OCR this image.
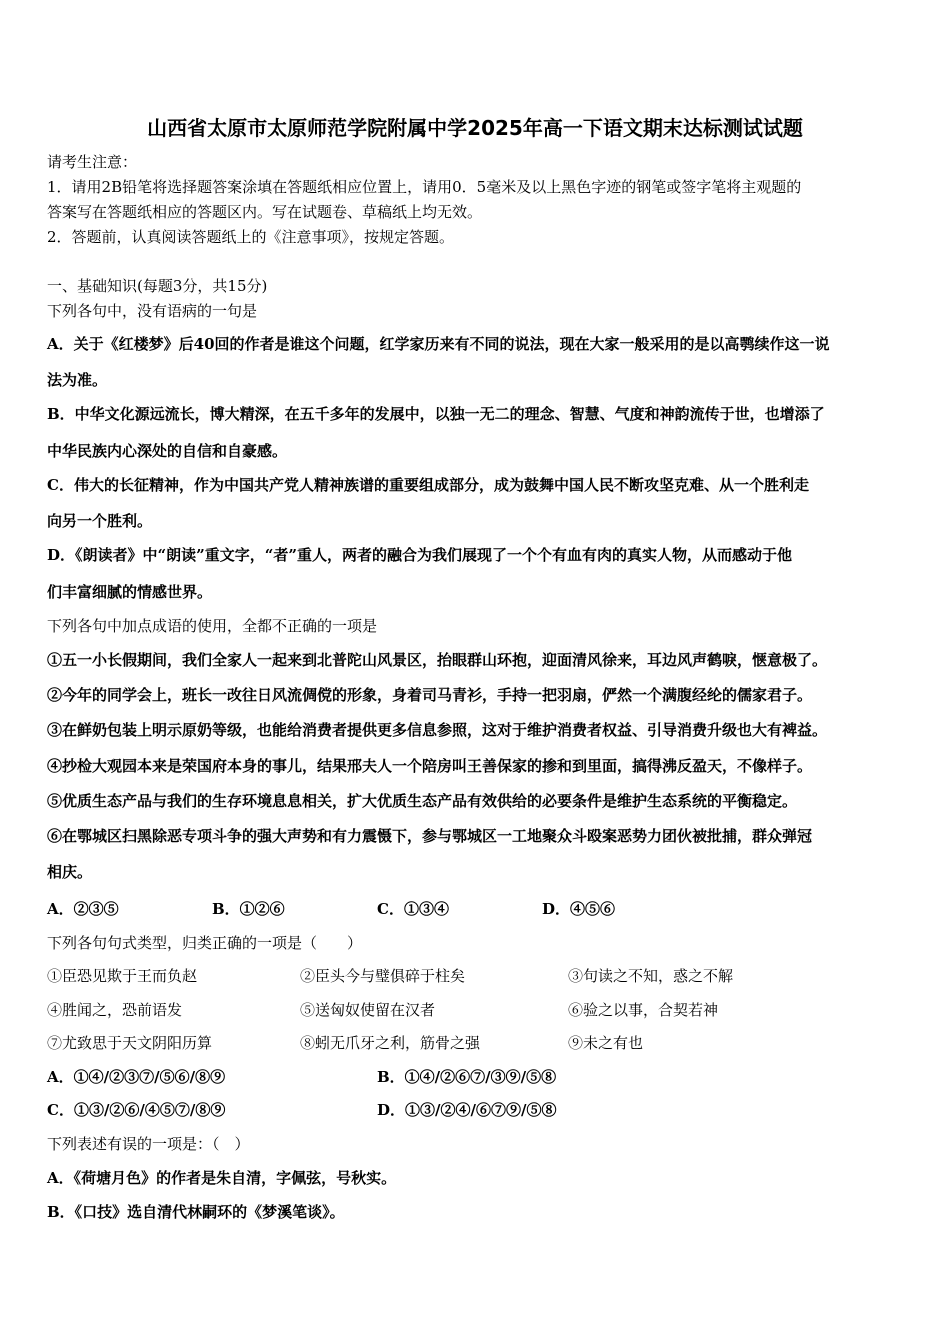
山西省太原市太原师范学院附属中学2025年高一下语文期末达标测试试题
请考生注意：
1．请用2B铅笔将选择题答案涂填在答题纸相应位置上，请用0．5毫米及以上黑色字迹的钢笔或签字笔将主观题的
答案写在答题纸相应的答题区内。写在试题卷、草稿纸上均无效。
2．答题前，认真阅读答题纸上的《注意事项》，按规定答题。
一、基础知识(每题3分，共15分)
下列各句中，没有语病的一句是
A．关于《红楼梦》后40回的作者是谁这个问题，红学家历来有不同的说法，现在大家一般采用的是以高鹗续作这一说
法为准。
B．中华文化源远流长，博大精深，在五千多年的发展中，以独一无二的理念、智慧、气度和神韵流传于世，也增添了
中华民族内心深处的自信和自豪感。
C．伟大的长征精神，作为中国共产党人精神族谱的重要组成部分，成为鼓舞中国人民不断攻坚克难、从一个胜利走
向另一个胜利。
D．《朗读者》中“朗读”重文字，“者”重人，两者的融合为我们展现了一个个有血有肉的真实人物，从而感动于他
们丰富细腻的情感世界。
下列各句中加点成语的使用，全都不正确的一项是
①五一小长假期间，我们全家人一起来到北普陀山风景区，抬眼群山环抱，迎面清风徐来，耳边风声鹤唳，惬意极了。
②今年的同学会上，班长一改往日风流倜傥的形象，身着司马青衫，手持一把羽扇，俨然一个满腹经纶的儒家君子。
③在鲜奶包装上明示原奶等级，也能给消费者提供更多信息参照，这对于维护消费者权益、引导消费升级也大有裨益。
④抄检大观园本来是荣国府本身的事儿，结果邢夫人一个陪房叫王善保家的掺和到里面，搞得沸反盈天，不像样子。
⑤优质生态产品与我们的生存环境息息相关，扩大优质生态产品有效供给的必要条件是维护生态系统的平衡稳定。
⑥在鄂城区扫黑除恶专项斗争的强大声势和有力震慑下，参与鄂城区一工地聚众斗殴案恶势力团伙被批捕，群众弹冠
相庆。
A．②③⑤	B．①②⑥	C．①③④	D．④⑤⑥
下列各句句式类型，归类正确的一项是（　　）
①臣恐见欺于王而负赵	②臣头今与璧俱碎于柱矣	③句读之不知，惑之不解
④胜闻之，恐前语发	⑤送匈奴使留在汉者	⑥验之以事，合契若神
⑦尤致思于天文阴阳历算	⑧蚓无爪牙之利，筋骨之强	⑨未之有也
A．①④/②③⑦/⑤⑥/⑧⑨	B．①④/②⑥⑦/③⑨/⑤⑧
C．①③/②⑥/④⑤⑦/⑧⑨	D．①③/②④/⑥⑦⑨/⑤⑧
下列表述有误的一项是：（　）
A．《荷塘月色》的作者是朱自清，字佩弦，号秋实。
B．《口技》选自清代林嗣环的《梦溪笔谈》。
